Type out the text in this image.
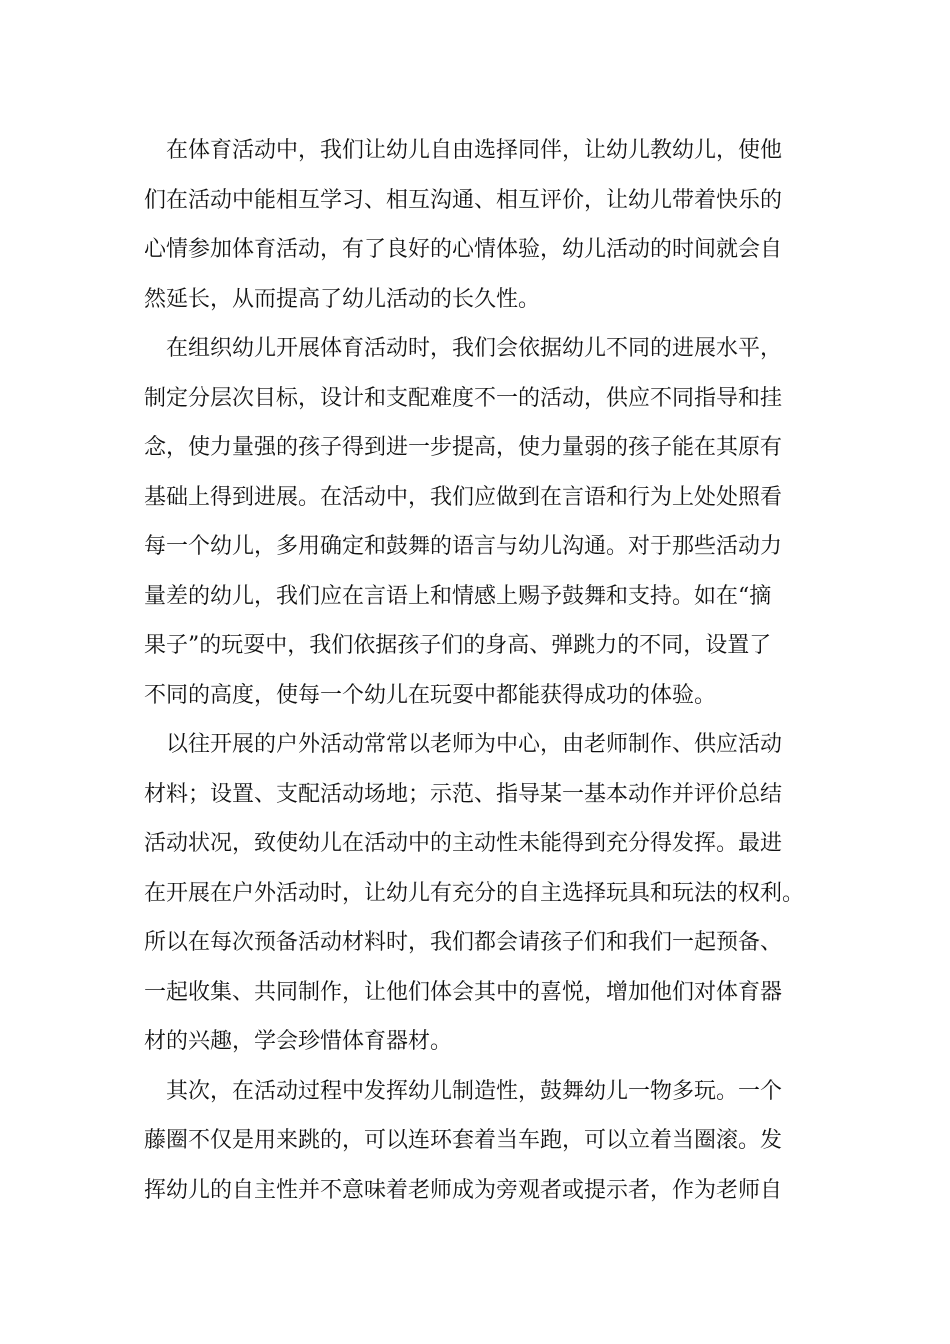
在体育活动中，我们让幼儿自由选择同伴，让幼儿教幼儿，使他
们在活动中能相互学习、相互沟通、相互评价，让幼儿带着快乐的
心情参加体育活动，有了良好的心情体验，幼儿活动的时间就会自
然延长，从而提高了幼儿活动的长久性。

在组织幼儿开展体育活动时，我们会依据幼儿不同的进展水平，
制定分层次目标，设计和支配难度不一的活动，供应不同指导和挂
念，使力量强的孩子得到进一步提高，使力量弱的孩子能在其原有
基础上得到进展。在活动中，我们应做到在言语和行为上处处照看
每一个幼儿，多用确定和鼓舞的语言与幼儿沟通。对于那些活动力
量差的幼儿，我们应在言语上和情感上赐予鼓舞和支持。如在“摘
果子”的玩耍中，我们依据孩子们的身高、弹跳力的不同，设置了
不同的高度，使每一个幼儿在玩耍中都能获得成功的体验。

以往开展的户外活动常常以老师为中心，由老师制作、供应活动
材料；设置、支配活动场地；示范、指导某一基本动作并评价总结
活动状况，致使幼儿在活动中的主动性未能得到充分得发挥。最进
在开展在户外活动时，让幼儿有充分的自主选择玩具和玩法的权利。
所以在每次预备活动材料时，我们都会请孩子们和我们一起预备、
一起收集、共同制作，让他们体会其中的喜悦，增加他们对体育器
材的兴趣，学会珍惜体育器材。

其次，在活动过程中发挥幼儿制造性，鼓舞幼儿一物多玩。一个
藤圈不仅是用来跳的，可以连环套着当车跑，可以立着当圈滚。发
挥幼儿的自主性并不意味着老师成为旁观者或提示者，作为老师自
